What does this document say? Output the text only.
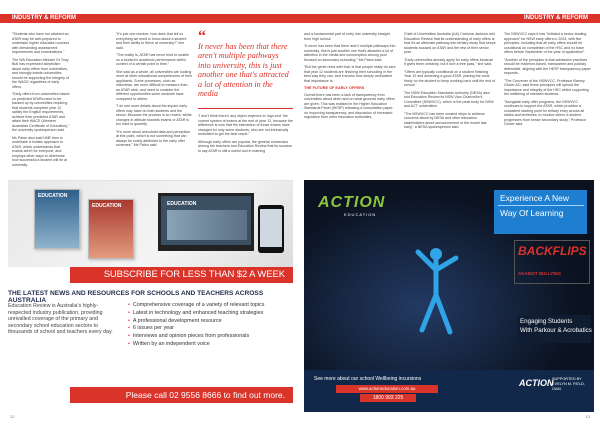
INDUSTRY & REFORM	INDUSTRY & REFORM

"Students who have not attained an ATAR may be well-prepared to undertake higher education courses with demanding assessment requirements and examinations."

The WA Education Minister Dr Tony Buti has expressed skepticism about early offers from universities, and strongly insists universities should be supporting the integrity of the WACE regardless of early offers.

"Early offers from universities based on predicted ATARs need to be backed up by universities requiring that students complete year 12, satisfy the English requirements, achieve their predicted ATAR and attain their WACE (Western Australian Certificate of Education)," the university spokesperson said.

Ms Paton also said UNE tries to undertake a holistic approach to ATAR, which understands that exams aren't for everyone, and employs other ways to determine how successful a student will be at university.

"It's just one number, how does that tell us everything we need to know about a student and their ability to thrive at university?" she said.

"The reality is, ATAR has never tried to enable us a student's academic performance within context of a certain point in time."

She said as a whole, all universities are looking more at other educational competencies of their applicants. Some processes, such as interviews, are more difficult to measure than an ATAR rank, and need to consider the different opportunities some students have compared to others.

"I do see more details about the impact early offers may have on both students and the sector. Because the process is so recent, whilst changes in attitude towards exams or ATAR is too hard to quantify.

"It's more about anecdotal data and perception at this point, which is not something that can always be solely attributed to the early offer schemes," Ms Paton said.

“
It never has been that there aren't multiple pathways into university, this is just another one that's attracted a lot of attention in the media

"I don't think there's any object anymore to 'sign-end' the current system of exams at the end of year 12, because the difference is now that the interaction of those exams have changed for only some students, who are not intrinsically motivated to get the best result."

Although early offers are popular, the general consensus among the teachers and Education Review that its success to say ATAR is still a useful tool in learning

and a fundamental part of entry into university straight from high school.

"It never has been that there aren't multiple pathways into university, this is just another one that's attracted a lot of attention in the media and consumption among pool focused on secondary schooling," Ms Paton said.

"But the genie rests with that, is that people really do care that year 12 students are finishing their schooling in the best way they can, and it shows how deeply ambivalent that importance is.

THE FUTURE OF EARLY OFFERS

Overall there has been a lack of transparency from universities about when and on what grounds early offers are given. This was realised in the Higher Education Standards Panel (HESP) releasing a consultation paper on improving transparency, and discussion of increased regulation from other education authorities.

Chief of Universities Australia (UA) Catriona Jackson told Education Review that its understanding of early offers is that it's an alternate pathway into tertiary study that keeps students focused on ATAR and the rest of their senior year.

"Early universities already apply for early offers because it gives them certainty, but it isn't a free pass," she said.

"Offers are typically conditional on a student finishing Year 12 and achieving a good ATAR, placing the onus firmly on the student to keep working hard until the end of school."

The NSW Education Standards Authority (NESA) also told Education Review its NSW Vice-Chancellor's Committee (NSWVCC), which is the peak body for NSW and ACT universities.

"The NSWVCC has been created steps to address concerns about by NESA and other education stakeholders about announcement of the model last early," a NESA spokesperson said.

The NSWVCC says it has "initiated a sector-leading approach" for NSW early offers in 2024, with five principles, including that all early offers should be conditional on completion of the HSC and no base offers before September of the year of application".

"Another of the principles is that admission practices should be evidence-based, transparent and publicly defensible, aligning with the HESP transparency paper requests.

"The Convener of the NSWVCC, Professor Barney Glover AO, said those principles will uphold the importance and integrity of the HSC whilst supporting the wellbeing of stressed students.

"Alongside early offer programs, the NSWVCC continues to support the ATAR, which provides a consistent starting point for tertiary entry across all states and territories, to monitor where a student progresses from senior secondary study," Professor Glover said.

EDUCATION
EDUCATION	EDUCATION
SUBSCRIBE FOR LESS THAN $2 A WEEK
THE LATEST NEWS AND RESOURCES FOR SCHOOLS AND TEACHERS ACROSS AUSTRALIA
Education Review is Australia's highly-respected industry publication, providing unrivalled coverage of the primary and secondary school education sectors to thousands of school and teachers every day.
• Comprehensive coverage of a variety of relevant topics
• Latest in technology and enhanced teaching strategies
• A professional development resource
• 6 issues per year
• Interviews and opinion pieces from professionals
• Written by an independent voice
Please call 02 9556 8666 to find out more.
ACTION
EDUCATION
Experience A New
Way Of Learning
BACKFLIPS
AGAINST BULLYING
Engaging Students
With Parkour & Acrobatics
See more about our school Wellbeing incursions
www.actioneducation.com.au
1800 993 225
ACTION
SUPPORTED BY EVELYN M. FIELD, OAM.
12	13
